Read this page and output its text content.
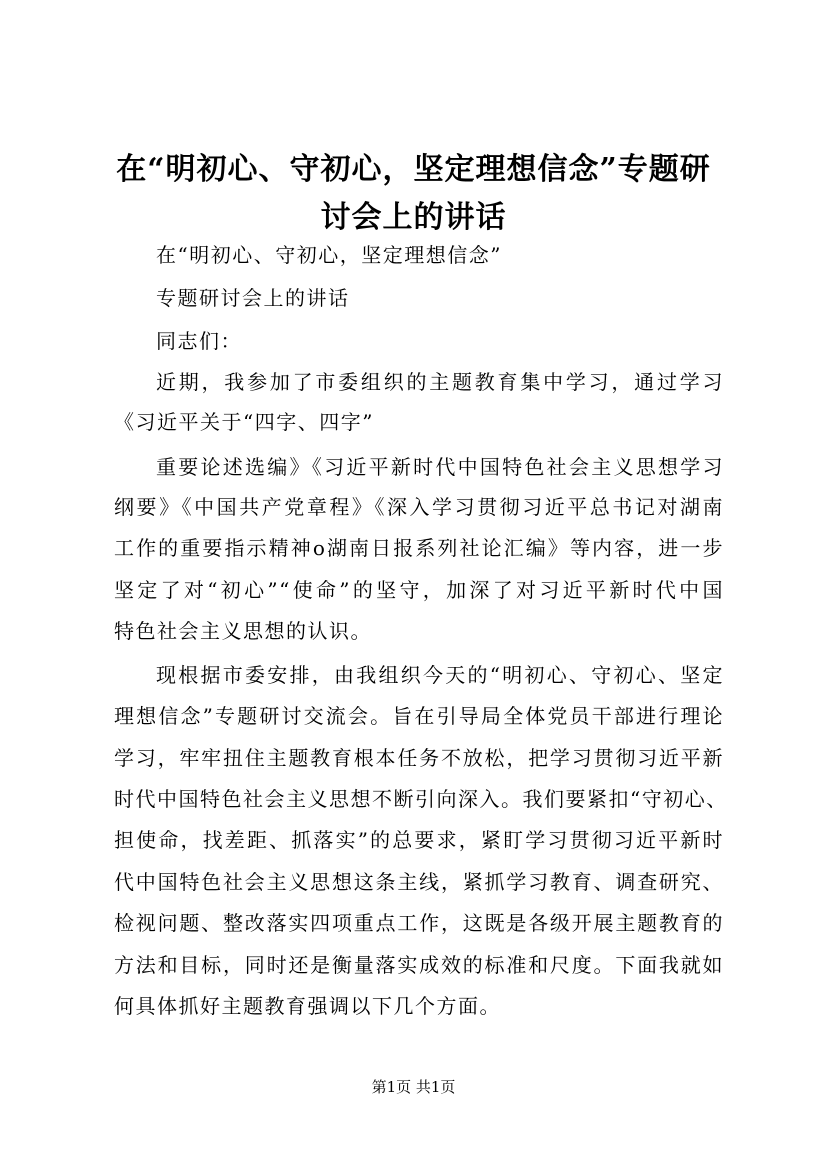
在“明初心、守初心，坚定理想信念”专题研
讨会上的讲话
在“明初心、守初心，坚定理想信念”
专题研讨会上的讲话
同志们：
近期，我参加了市委组织的主题教育集中学习，通过学习
《习近平关于“四字、四字”
重要论述选编》《习近平新时代中国特色社会主义思想学习
纲要》《中国共产党章程》《深入学习贯彻习近平总书记对湖南
工作的重要指示精神o湖南日报系列社论汇编》等内容，进一步
坚定了对“初心”“使命”的坚守，加深了对习近平新时代中国
特色社会主义思想的认识。
现根据市委安排，由我组织今天的“明初心、守初心、坚定
理想信念”专题研讨交流会。旨在引导局全体党员干部进行理论
学习，牢牢扭住主题教育根本任务不放松，把学习贯彻习近平新
时代中国特色社会主义思想不断引向深入。我们要紧扣“守初心、
担使命，找差距、抓落实”的总要求，紧盯学习贯彻习近平新时
代中国特色社会主义思想这条主线，紧抓学习教育、调查研究、
检视问题、整改落实四项重点工作，这既是各级开展主题教育的
方法和目标，同时还是衡量落实成效的标准和尺度。下面我就如
何具体抓好主题教育强调以下几个方面。
第1页 共1页
